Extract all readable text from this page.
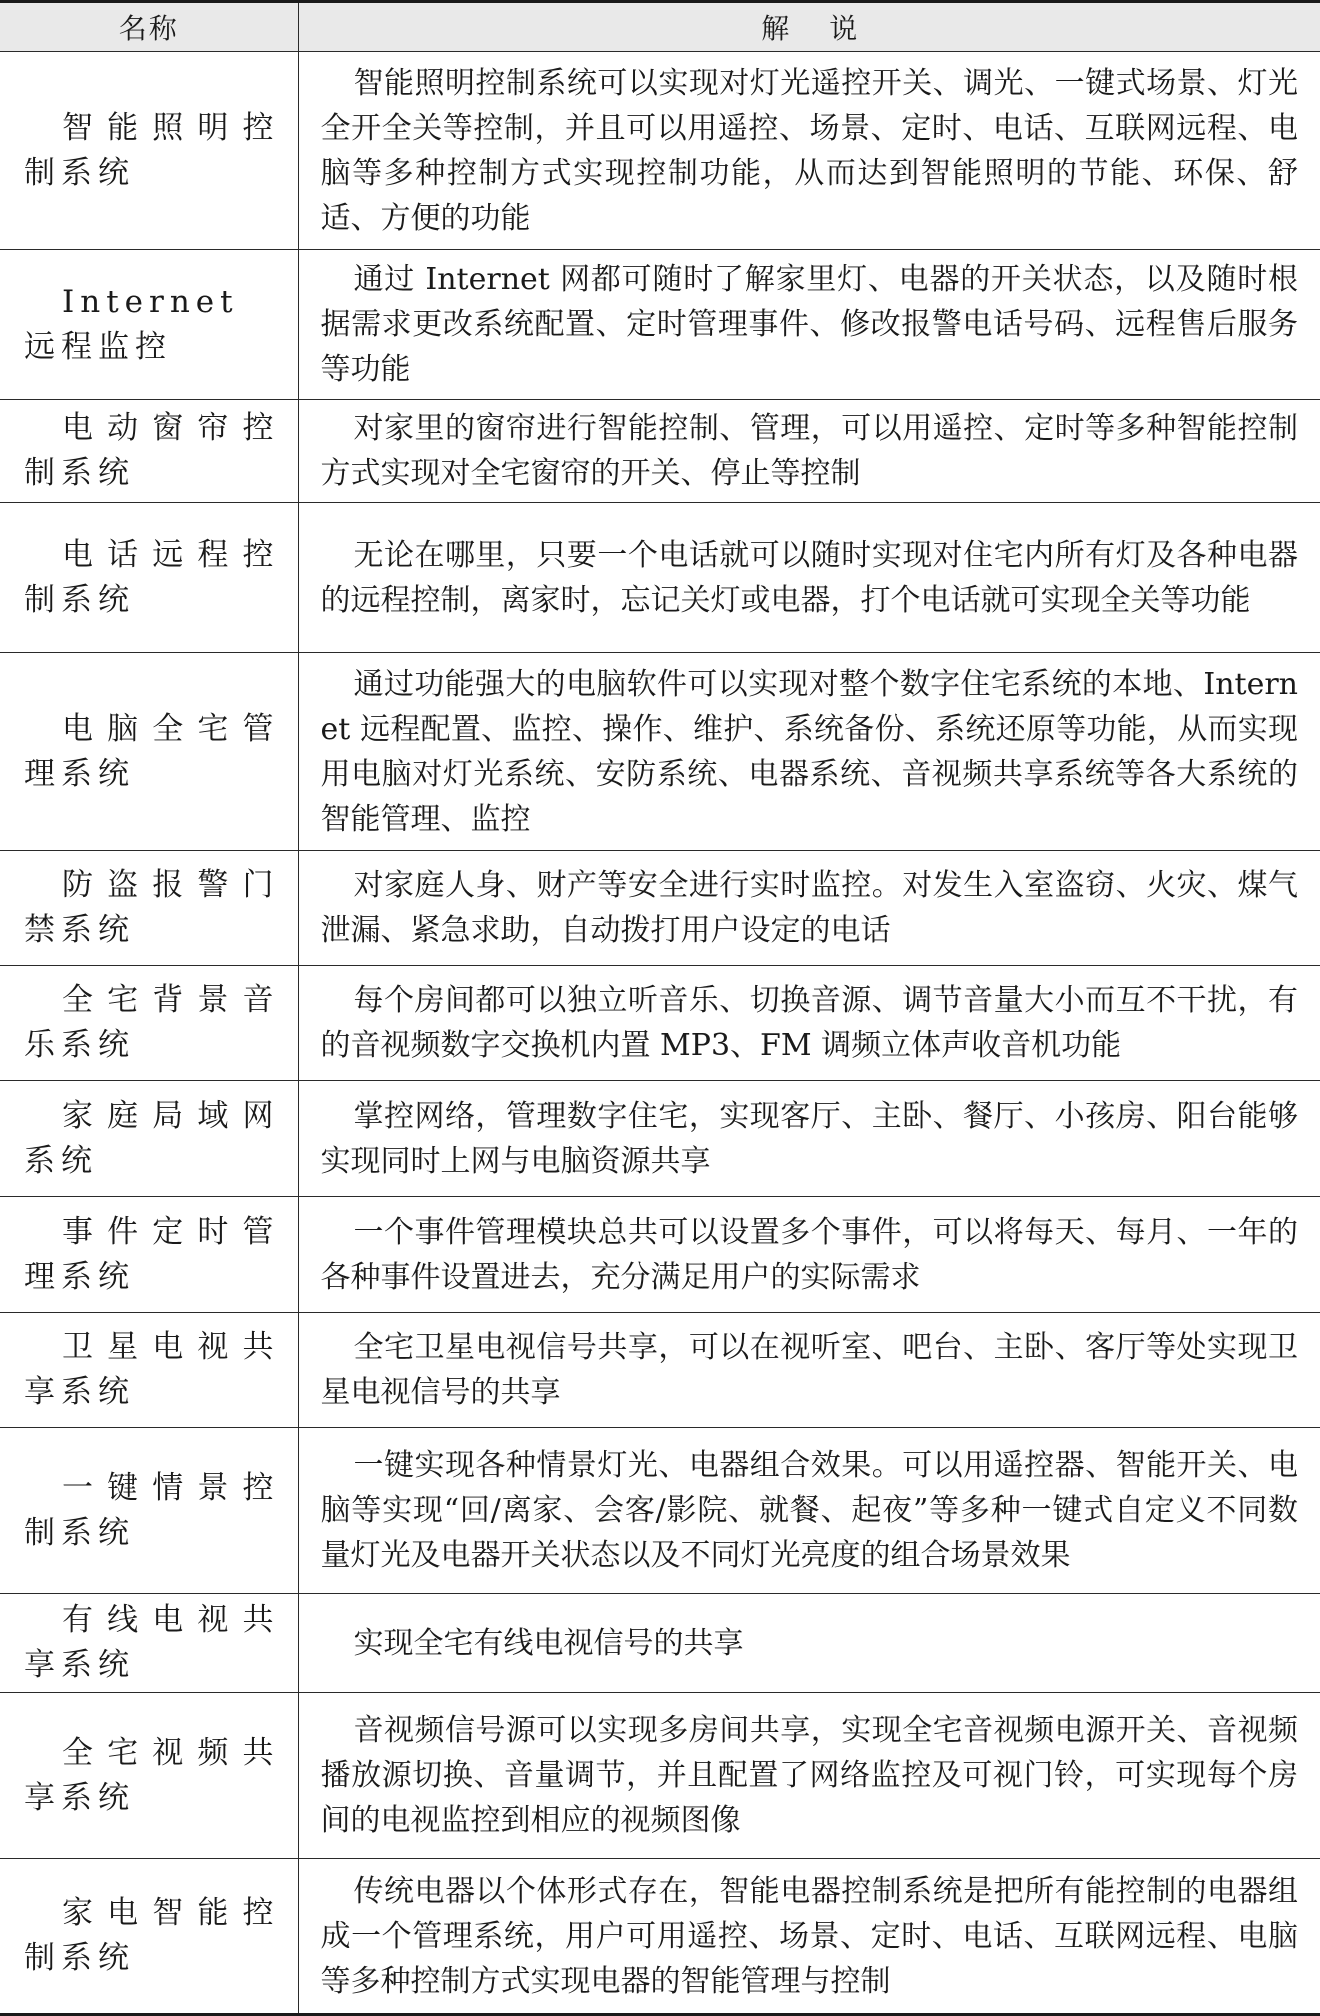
名称	解说

智能照明控制系统	智能照明控制系统可以实现对灯光遥控开关、调光、一键式场景、灯光全开全关等控制，并且可以用遥控、场景、定时、电话、互联网远程、电脑等多种控制方式实现控制功能，从而达到智能照明的节能、环保、舒适、方便的功能

Internet 远程监控	通过 Internet 网都可随时了解家里灯、电器的开关状态，以及随时根据需求更改系统配置、定时管理事件、修改报警电话号码、远程售后服务等功能

电动窗帘控制系统	对家里的窗帘进行智能控制、管理，可以用遥控、定时等多种智能控制方式实现对全宅窗帘的开关、停止等控制

电话远程控制系统	无论在哪里，只要一个电话就可以随时实现对住宅内所有灯及各种电器的远程控制，离家时，忘记关灯或电器，打个电话就可实现全关等功能

电脑全宅管理系统	通过功能强大的电脑软件可以实现对整个数字住宅系统的本地、Internet 远程配置、监控、操作、维护、系统备份、系统还原等功能，从而实现用电脑对灯光系统、安防系统、电器系统、音视频共享系统等各大系统的智能管理、监控

防盗报警门禁系统	对家庭人身、财产等安全进行实时监控。对发生入室盗窃、火灾、煤气泄漏、紧急求助，自动拨打用户设定的电话

全宅背景音乐系统	每个房间都可以独立听音乐、切换音源、调节音量大小而互不干扰，有的音视频数字交换机内置 MP3、FM 调频立体声收音机功能

家庭局域网系统	掌控网络，管理数字住宅，实现客厅、主卧、餐厅、小孩房、阳台能够实现同时上网与电脑资源共享

事件定时管理系统	一个事件管理模块总共可以设置多个事件，可以将每天、每月、一年的各种事件设置进去，充分满足用户的实际需求

卫星电视共享系统	全宅卫星电视信号共享，可以在视听室、吧台、主卧、客厅等处实现卫星电视信号的共享

一键情景控制系统	一键实现各种情景灯光、电器组合效果。可以用遥控器、智能开关、电脑等实现“回/离家、会客/影院、就餐、起夜”等多种一键式自定义不同数量灯光及电器开关状态以及不同灯光亮度的组合场景效果

有线电视共享系统	实现全宅有线电视信号的共享

全宅视频共享系统	音视频信号源可以实现多房间共享，实现全宅音视频电源开关、音视频播放源切换、音量调节，并且配置了网络监控及可视门铃，可实现每个房间的电视监控到相应的视频图像

家电智能控制系统	传统电器以个体形式存在，智能电器控制系统是把所有能控制的电器组成一个管理系统，用户可用遥控、场景、定时、电话、互联网远程、电脑等多种控制方式实现电器的智能管理与控制
